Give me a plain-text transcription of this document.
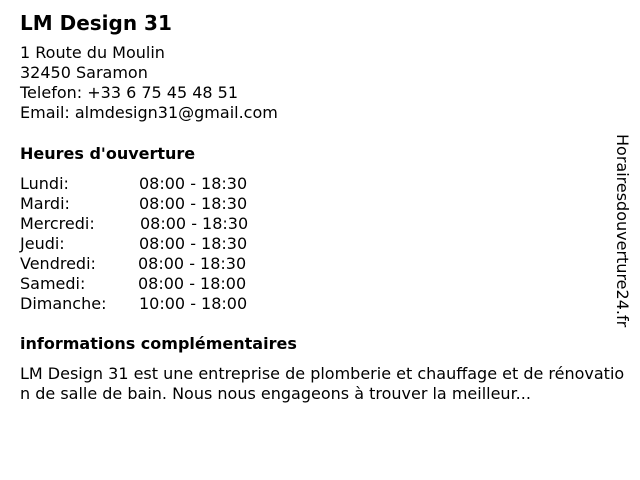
LM Design 31
1 Route du Moulin
32450 Saramon
Telefon: +33 6 75 45 48 51
Email: almdesign31@gmail.com
Heures d'ouverture
Lundi:	08:00 - 18:30
Mardi:	08:00 - 18:30
Mercredi:	08:00 - 18:30
Jeudi:	08:00 - 18:30
Vendredi:	08:00 - 18:30
Samedi:	08:00 - 18:00
Dimanche: 10:00 - 18:00
informations complémentaires
LM Design 31 est une entreprise de plomberie et chauffage et de rénovation de salle de bain. Nous nous engageons à trouver la meilleur...
Horairesdouverture24.fr
